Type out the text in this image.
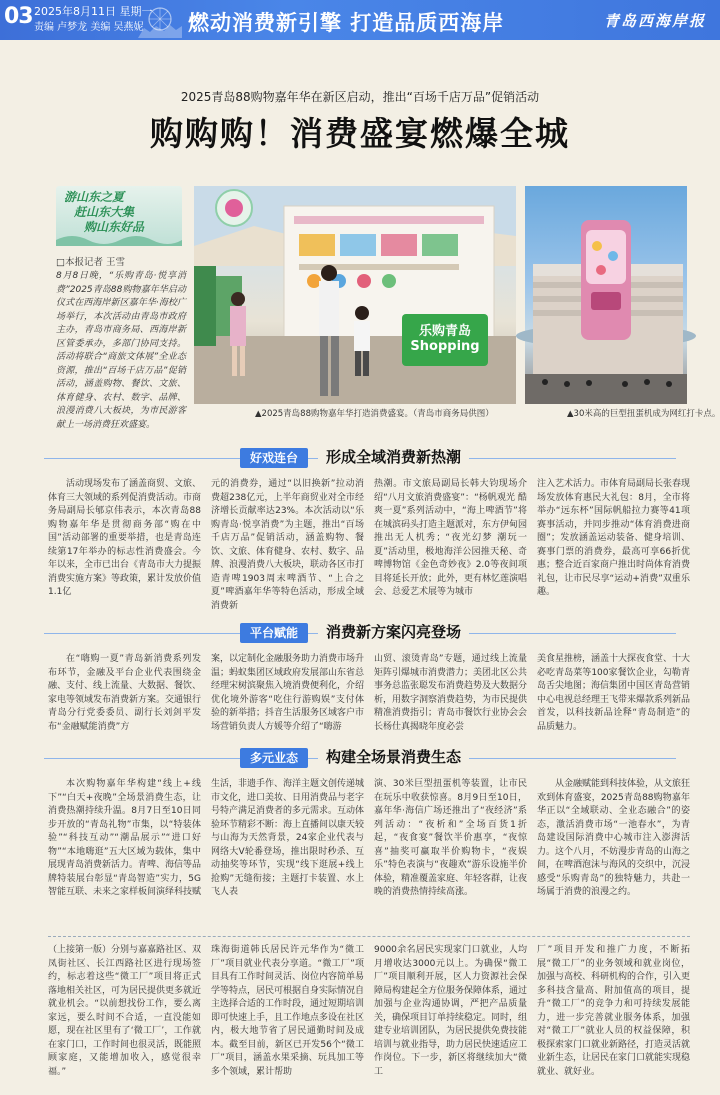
03 2025年8月11日 星期一
责编 卢梦龙 美编 吴燕妮 燃动消费新引擎 打造品质西海岸	青岛西海岸报
2025青岛88购物嘉年华在新区启动，推出“百场千店万品”促销活动
购购购！消费盛宴燃爆全城
游山东之夏
赶山东大集
购山东好品
□本报记者 王雪
8月8日晚，“乐购青岛·悦享消费”2025青岛88购物嘉年华启动仪式在西海岸新区嘉年华·海校广场举行，本次活动由青岛市政府主办，青岛市商务局、西海岸新区管委承办，多部门协同支持。活动将联合“商旅文体展”全业态资源，推出“百场千店万品”促销活动，涵盖购物、餐饮、文旅、体育健身、农村、数字、品牌、浪漫消费八大板块，为市民游客献上一场消费狂欢盛宴。
乐购青岛 Shopping
▲2025青岛88购物嘉年华打造消费盛宴。（青岛市商务局供图）	▲30米高的巨型扭蛋机成为网红打卡点。
好戏连台	形成全域消费新热潮

活动现场发布了涵盖商贸、文旅、体育三大领域的系列促消费活动。市商务局副局长郇京伟表示，本次青岛88购物嘉年华是贯彻商务部“购在中国”活动部署的重要举措，也是青岛连续第17年举办的标志性消费盛会。今年以来，全市已出台《青岛市大力提振消费实施方案》等政策，累计发放价值1.1亿

元的消费券，通过“以旧换新”拉动消费超238亿元，上半年商贸业对全市经济增长贡献率达23%。本次活动以“乐购青岛·悦享消费”为主题，推出“百场千店万品”促销活动，涵盖购物、餐饮、文旅、体育健身、农村、数字、品牌、浪漫消费八大板块，联动各区市打造青啤1903周末啤酒节、“上合之夏”啤酒嘉年华等特色活动，形成全域消费新

热潮。市文旅局副局长韩大钧现场介绍“八月文旅消费盛宴”：“杨帆观光 酷爽一夏”系列活动中，“海上啤酒节”将在城滨码头打造主题派对，东方伊甸园推出无人机秀；“夜光幻梦 潮玩一夏”活动里，极地海洋公园推天秘、奇啤博物馆《金色奇妙夜》2.0等夜间项目将延长开放；此外，更有林忆莲演唱会、总爱艺术展等为城市

注入艺术活力。市体育局副局长张春现场发放体育惠民大礼包：8月，全市将举办“远东杯”国际帆船拉力赛等41项赛事活动，并同步推动“体育消费进商圈”；发放涵盖运动装备、健身培训、赛事门票的消费券，最高可享66折优惠；整合近百家商户推出时尚体育消费礼包，让市民尽享“运动+消费”双重乐趣。

平台赋能	消费新方案闪亮登场

在“嗨购一夏”青岛新消费系列发布环节，金融及平台企业代表围绕金融、支付、线上流量、大数据、餐饮、家电等领域发布消费新方案。交通银行青岛分行党委委员、副行长刘剑平发布“金融赋能消费”方

案，以定制化金融服务助力消费市场升温；蚂蚁集团区域政府发展部山东省总经理宋树滨聚焦入境消费便利化，介绍优化境外游客“吃住行游购娱”支付体验的新举措；抖音生活服务区域客户市场营销负责人方媛等介绍了“嗨游

山贸、滚烫青岛”专题，通过线上流量矩阵引爆城市消费潜力；美团北区公共事务总监张聪发布消费趋势及大数据分析，用数字洞察消费趋势，为市民提供精准消费指引；青岛市餐饮行业协会会长杨仕真揭晓年度必尝

美食星推榜，涵盖十大探夜食堂、十大必吃青岛菜等100家餐饮企业，勾勒青岛舌尖地图；海信集团中国区青岛营销中心电视总经理王飞带来爆款系列新品首发，以科技新品诠释“青岛制造”的品质魅力。

多元业态	构建全场景消费生态

本次购物嘉年华构建“线上+线下”“白天+夜晚”全场景消费生态，让消费热潮持续升温。8月7日至10日同步开放的“青岛礼物”市集，以“特装体验”“科技互动”“潮品展示”“进口好物”“本地嗨逛”五大区域为载体，集中展现青岛消费新活力。青啤、海信等品牌特装展台彰显“青岛智造”实力，5G智能互联、未来之家样板间演绎科技赋

生活，非遗手作、海洋主题文创传递城市文化，进口美妆、日用消费品与老字号特产满足消费者的多元需求。互动体验环节精彩不断：海上直播间以康天较与山海为天然背景，24家企业代表与网络大V轮番登场，推出限时秒杀、互动抽奖等环节，实现“线下逛展+线上抢购”无缝衔接；主题打卡装置、水上飞人表

演、30米巨型扭蛋机等装置，让市民在玩乐中收获惊喜。8月9日至10日，嘉年华·海信广场还推出了“夜经济”系列活动：“夜析和”全场百货1折起，“夜食宴”餐饮半价惠享，“夜惊喜”抽奖可赢取半价购物卡，“夜娱乐”特色表演与“夜趣欢”游乐设施半价体验，精准覆盖家庭、年轻客群，让夜晚的消费热情持续高涨。

从金融赋能到科技体验，从文旅狂欢到体育盛宴，2025青岛88购物嘉年华正以“全域联动、全业态融合”的姿态，激活消费市场“一池春水”，为青岛建设国际消费中心城市注入澎湃活力。这个八月，不妨漫步青岛的山海之间，在啤酒泡沫与海风的交织中，沉浸感受“乐购青岛”的独特魅力，共赴一场属于消费的浪漫之约。

（上接第一版）分别与嘉嘉路社区、双凤街社区、长江西路社区进行现场签约，标志着这些“微工厂”项目将正式落地相关社区，可为居民提供更多就近就业机会。“以前想找份工作，要么离家远，要么时间不合适，一直没能如愿，现在社区里有了‘微工厂’，工作就在家门口，工作时间也很灵活，既能照顾家庭，又能增加收入，感觉很幸福。”

珠海街道韩氏居民许元华作为“微工厂”项目就业代表分享道。“微工厂”项目具有工作时间灵活、岗位内容简单易学等特点，居民可根据自身实际情况自主选择合适的工作时段，通过短期培训即可快速上手，且工作地点多设在社区内，极大地节省了居民通勤时间及成本。截至目前，新区已开发56个“微工厂”项目，涵盖水果采摘、玩具加工等多个领域，累计帮助

9000余名居民实现家门口就业，人均月增收达3000元以上。为确保“微工厂”项目顺利开展，区人力资源社会保障局构建起全方位服务保障体系，通过加强与企业沟通协调，严把产品质量关，确保项目订单持续稳定。同时，组建专业培训团队，为居民提供免费技能培训与就业指导，助力居民快速适应工作岗位。下一步，新区将继续加大“微工

厂”项目开发和推广力度，不断拓展“微工厂”的业务领域和就业岗位，加强与高校、科研机构的合作，引入更多科技含量高、附加值高的项目，提升“微工厂”的竞争力和可持续发展能力，进一步完善就业服务体系，加强对“微工厂”就业人员的权益保障，积极探索家门口就业新路径，打造灵活就业新生态，让居民在家门口就能实现稳就业、就好业。
